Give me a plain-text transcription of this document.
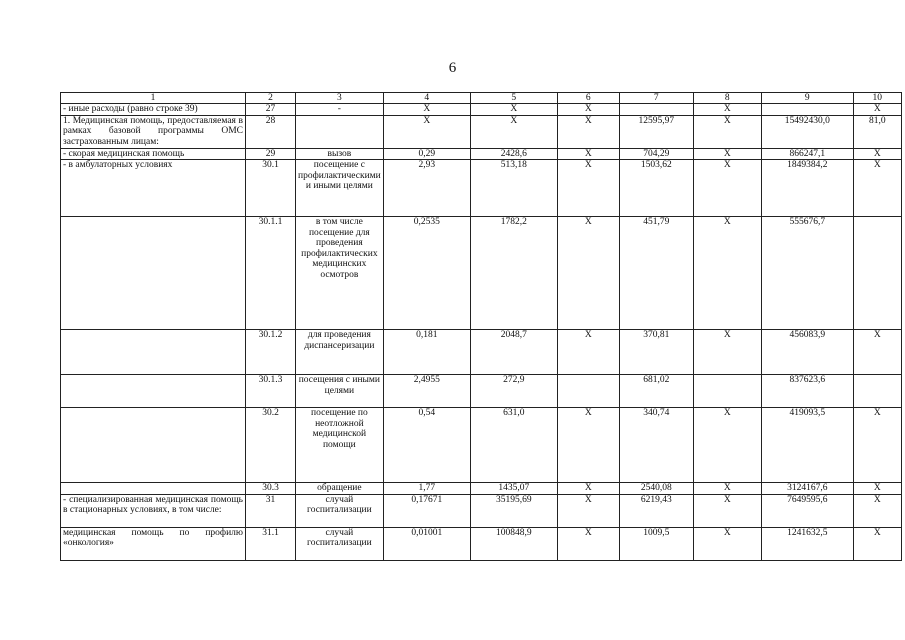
6
1	2	3	4	5	6	7	8	9	10
- иные расходы (равно строке 39)	27	-	X	X	X		X		X
1. Медицинская помощь, предоставляемая в рамках базовой программы ОМС застрахованным лицам:	28		X	X	X	12595,97	X	15492430,0	81,0
- скорая медицинская помощь	29	вызов	0,29	2428,6	X	704,29	X	866247,1	X
- в амбулаторных условиях	30.1	посещение с профилактическими и иными целями	2,93	513,18	X	1503,62	X	1849384,2	X
	30.1.1	в том числе посещение для проведения профилактических медицинских осмотров	0,2535	1782,2	X	451,79	X	555676,7	
	30.1.2	для проведения диспансеризации	0,181	2048,7	X	370,81	X	456083,9	X
	30.1.3	посещения с иными целями	2,4955	272,9		681,02		837623,6	
	30.2	посещение по неотложной медицинской помощи	0,54	631,0	X	340,74	X	419093,5	X
	30.3	обращение	1,77	1435,07	X	2540,08	X	3124167,6	X
- специализированная медицинская помощь в стационарных условиях, в том числе:	31	случай госпитализации	0,17671	35195,69	X	6219,43	X	7649595,6	X
медицинская помощь по профилю «онкология»	31.1	случай госпитализации	0,01001	100848,9	X	1009,5	X	1241632,5	X
